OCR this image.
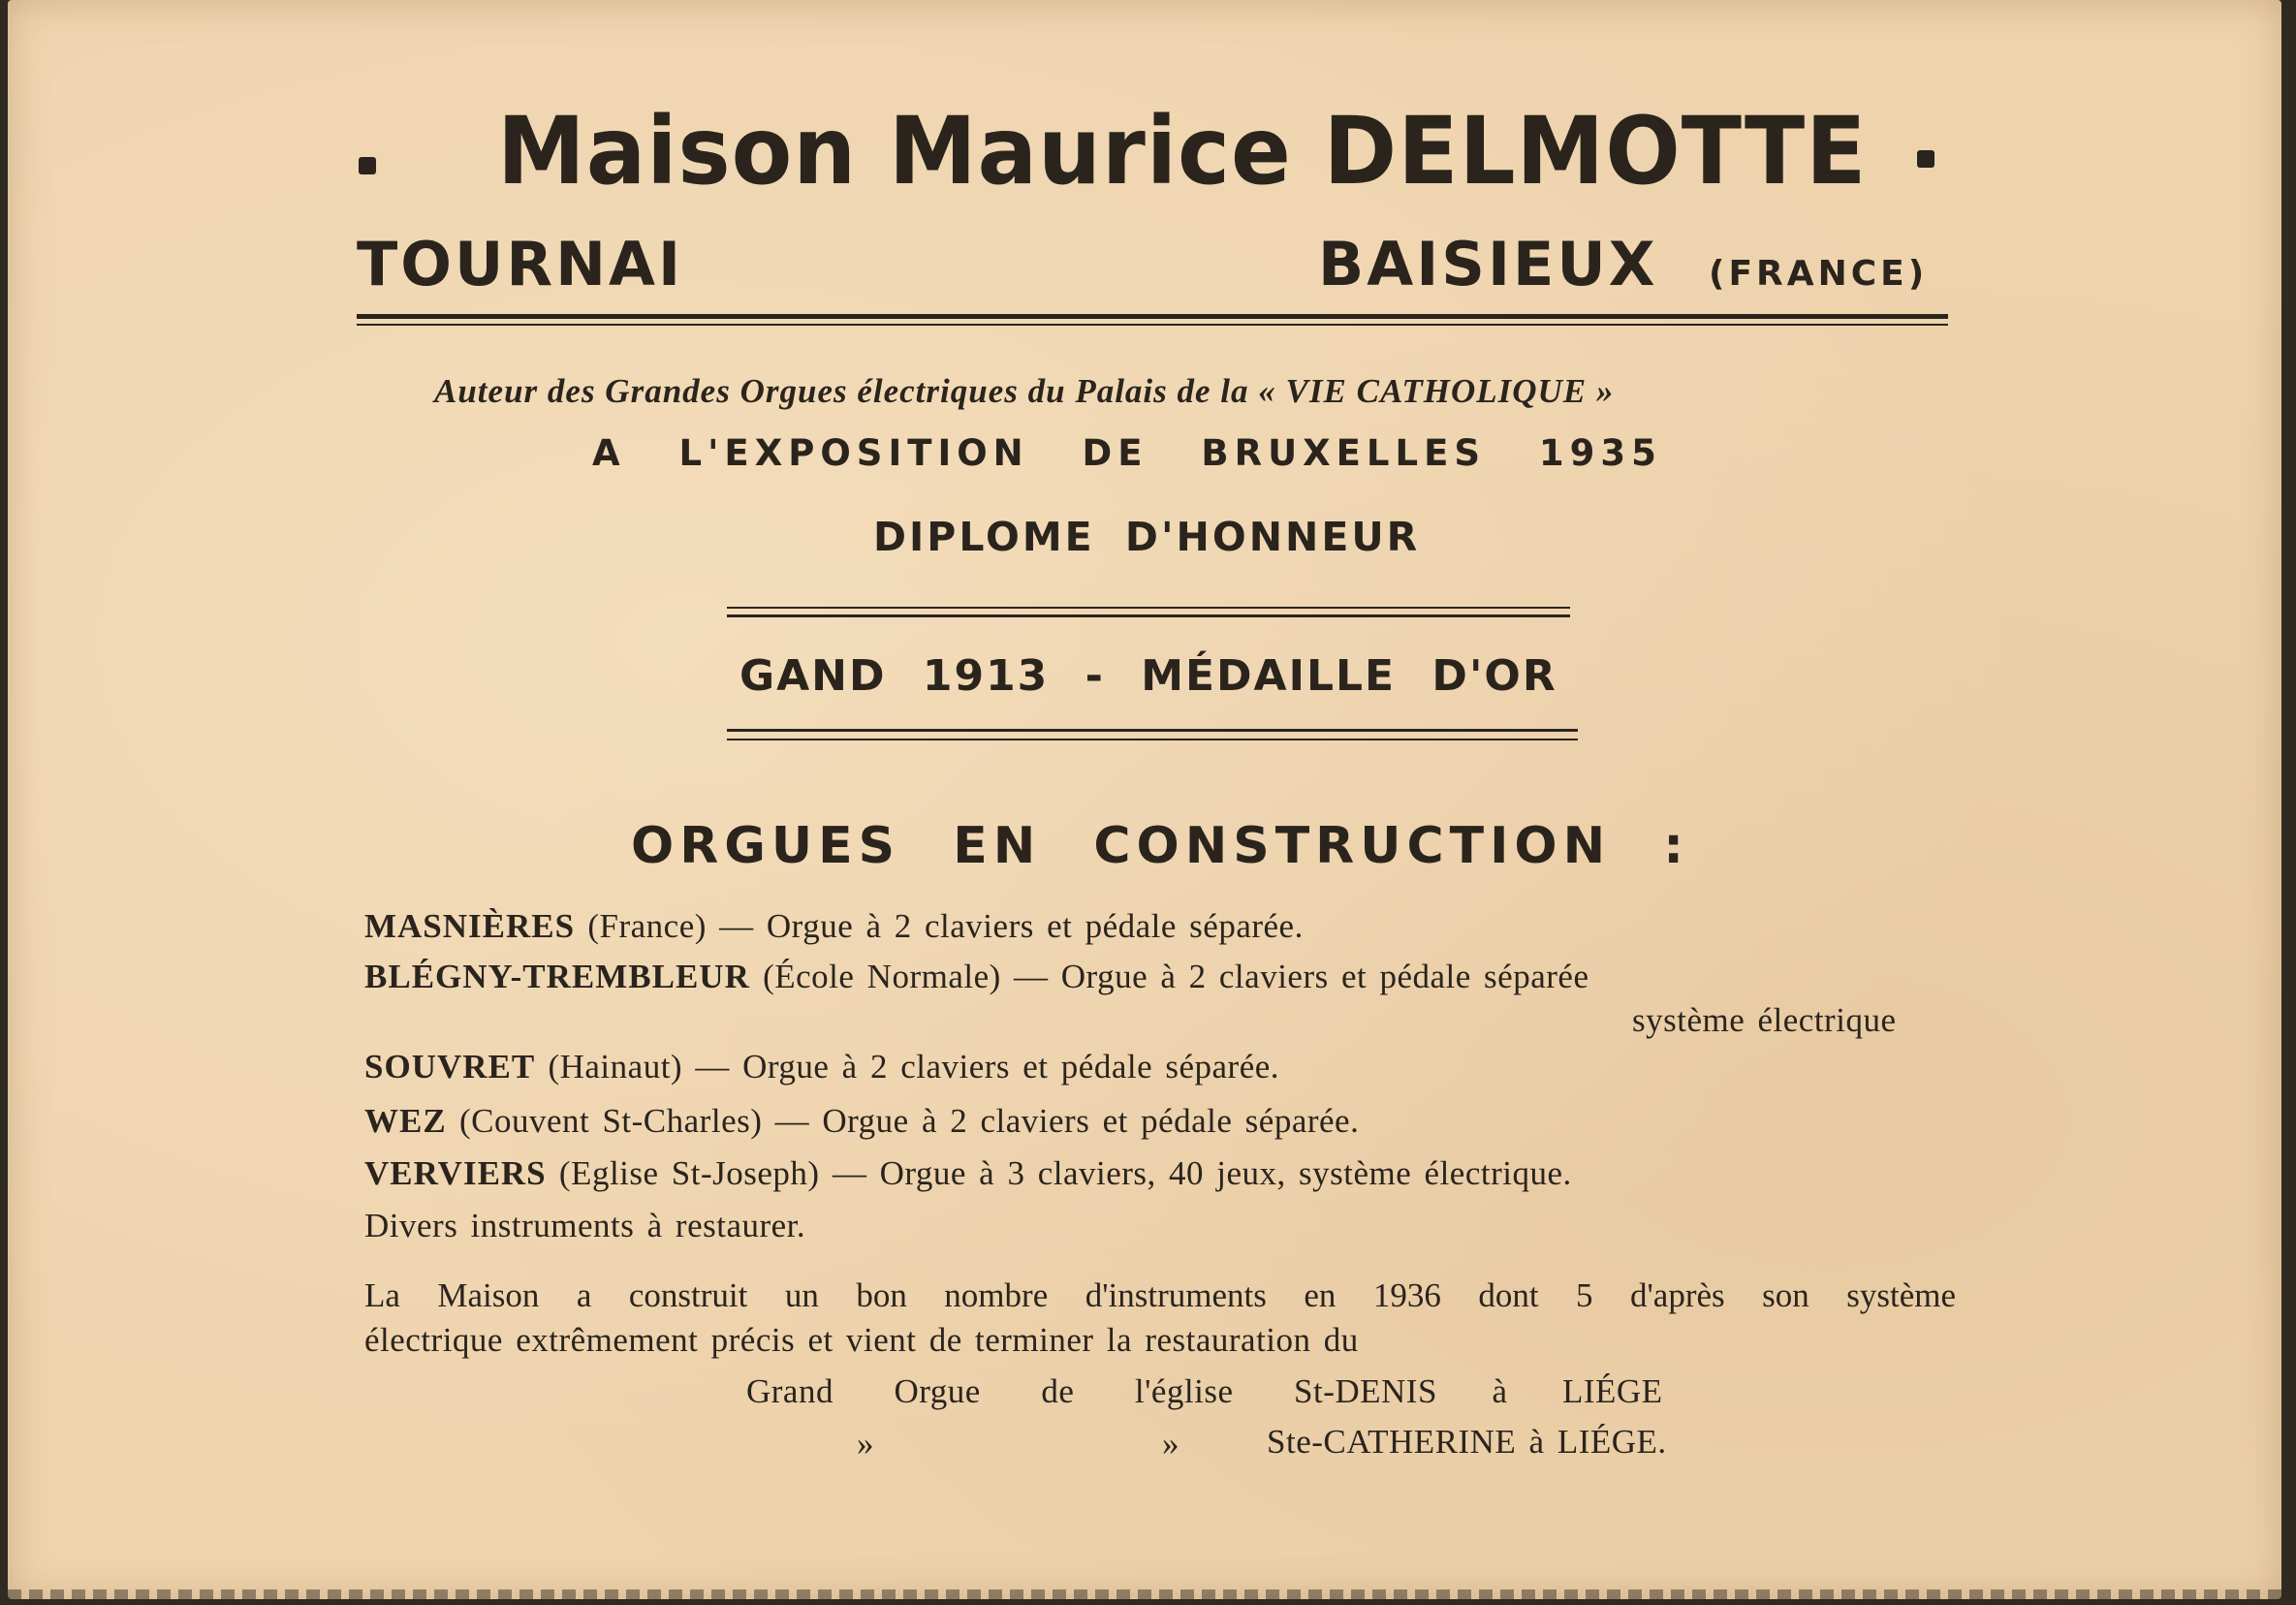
Maison Maurice DELMOTTE
TOURNAI	BAISIEUX (FRANCE)
Auteur des Grandes Orgues électriques du Palais de la « VIE CATHOLIQUE »
A L'EXPOSITION DE BRUXELLES 1935
DIPLOME D'HONNEUR
GAND 1913 - MÉDAILLE D'OR
ORGUES EN CONSTRUCTION :
MASNIÈRES (France) — Orgue à 2 claviers et pédale séparée.
BLÉGNY-TREMBLEUR (École Normale) — Orgue à 2 claviers et pédale séparée
système électrique
SOUVRET (Hainaut) — Orgue à 2 claviers et pédale séparée.
WEZ (Couvent St-Charles) — Orgue à 2 claviers et pédale séparée.
VERVIERS (Eglise St-Joseph) — Orgue à 3 claviers, 40 jeux, système électrique.
Divers instruments à restaurer.
La Maison a construit un bon nombre d'instruments en 1936 dont 5 d'après son système
électrique extrêmement précis et vient de terminer la restauration du
Grand Orgue de l'église St-DENIS à LIÉGE
»	»	Ste-CATHERINE à LIÉGE.
